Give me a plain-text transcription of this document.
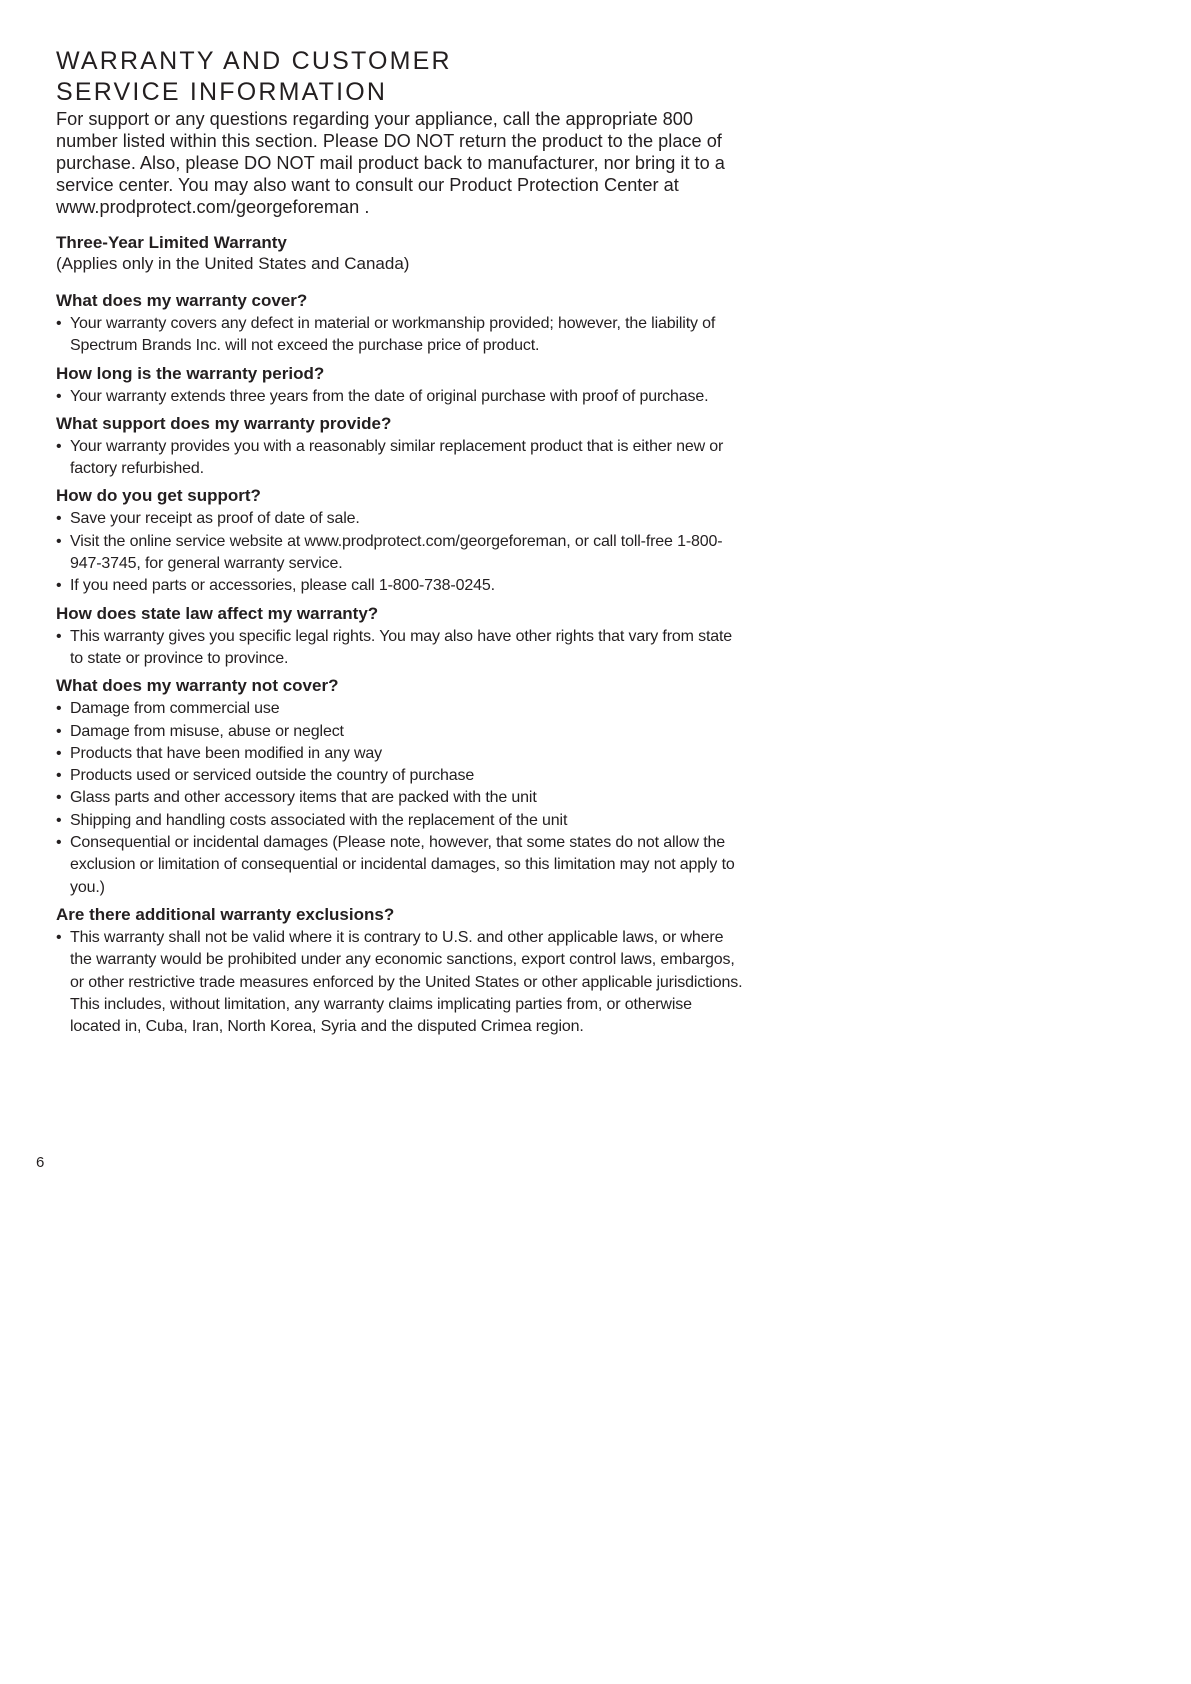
WARRANTY AND CUSTOMER
SERVICE INFORMATION

For support or any questions regarding your appliance, call the appropriate 800 number listed within this section. Please DO NOT return the product to the place of purchase. Also, please DO NOT mail product back to manufacturer, nor bring it to a service center. You may also want to consult our Product Protection Center at www.prodprotect.com/georgeforeman .

Three-Year Limited Warranty
(Applies only in the United States and Canada)

What does my warranty cover?

• Your warranty covers any defect in material or workmanship provided; however, the liability of Spectrum Brands Inc. will not exceed the purchase price of product.

How long is the warranty period?

• Your warranty extends three years from the date of original purchase with proof of purchase.

What support does my warranty provide?

• Your warranty provides you with a reasonably similar replacement product that is either new or factory refurbished.

How do you get support?

• Save your receipt as proof of date of sale.
• Visit the online service website at www.prodprotect.com/georgeforeman, or call toll-free 1-800-947-3745, for general warranty service.
• If you need parts or accessories, please call 1-800-738-0245.

How does state law affect my warranty?

• This warranty gives you specific legal rights. You may also have other rights that vary from state to state or province to province.

What does my warranty not cover?

• Damage from commercial use
• Damage from misuse, abuse or neglect
• Products that have been modified in any way
• Products used or serviced outside the country of purchase
• Glass parts and other accessory items that are packed with the unit
• Shipping and handling costs associated with the replacement of the unit
• Consequential or incidental damages (Please note, however, that some states do not allow the exclusion or limitation of consequential or incidental damages, so this limitation may not apply to you.)

Are there additional warranty exclusions?

• This warranty shall not be valid where it is contrary to U.S. and other applicable laws, or where the warranty would be prohibited under any economic sanctions, export control laws, embargos, or other restrictive trade measures enforced by the United States or other applicable jurisdictions. This includes, without limitation, any warranty claims implicating parties from, or otherwise located in, Cuba, Iran, North Korea, Syria and the disputed Crimea region.
6
